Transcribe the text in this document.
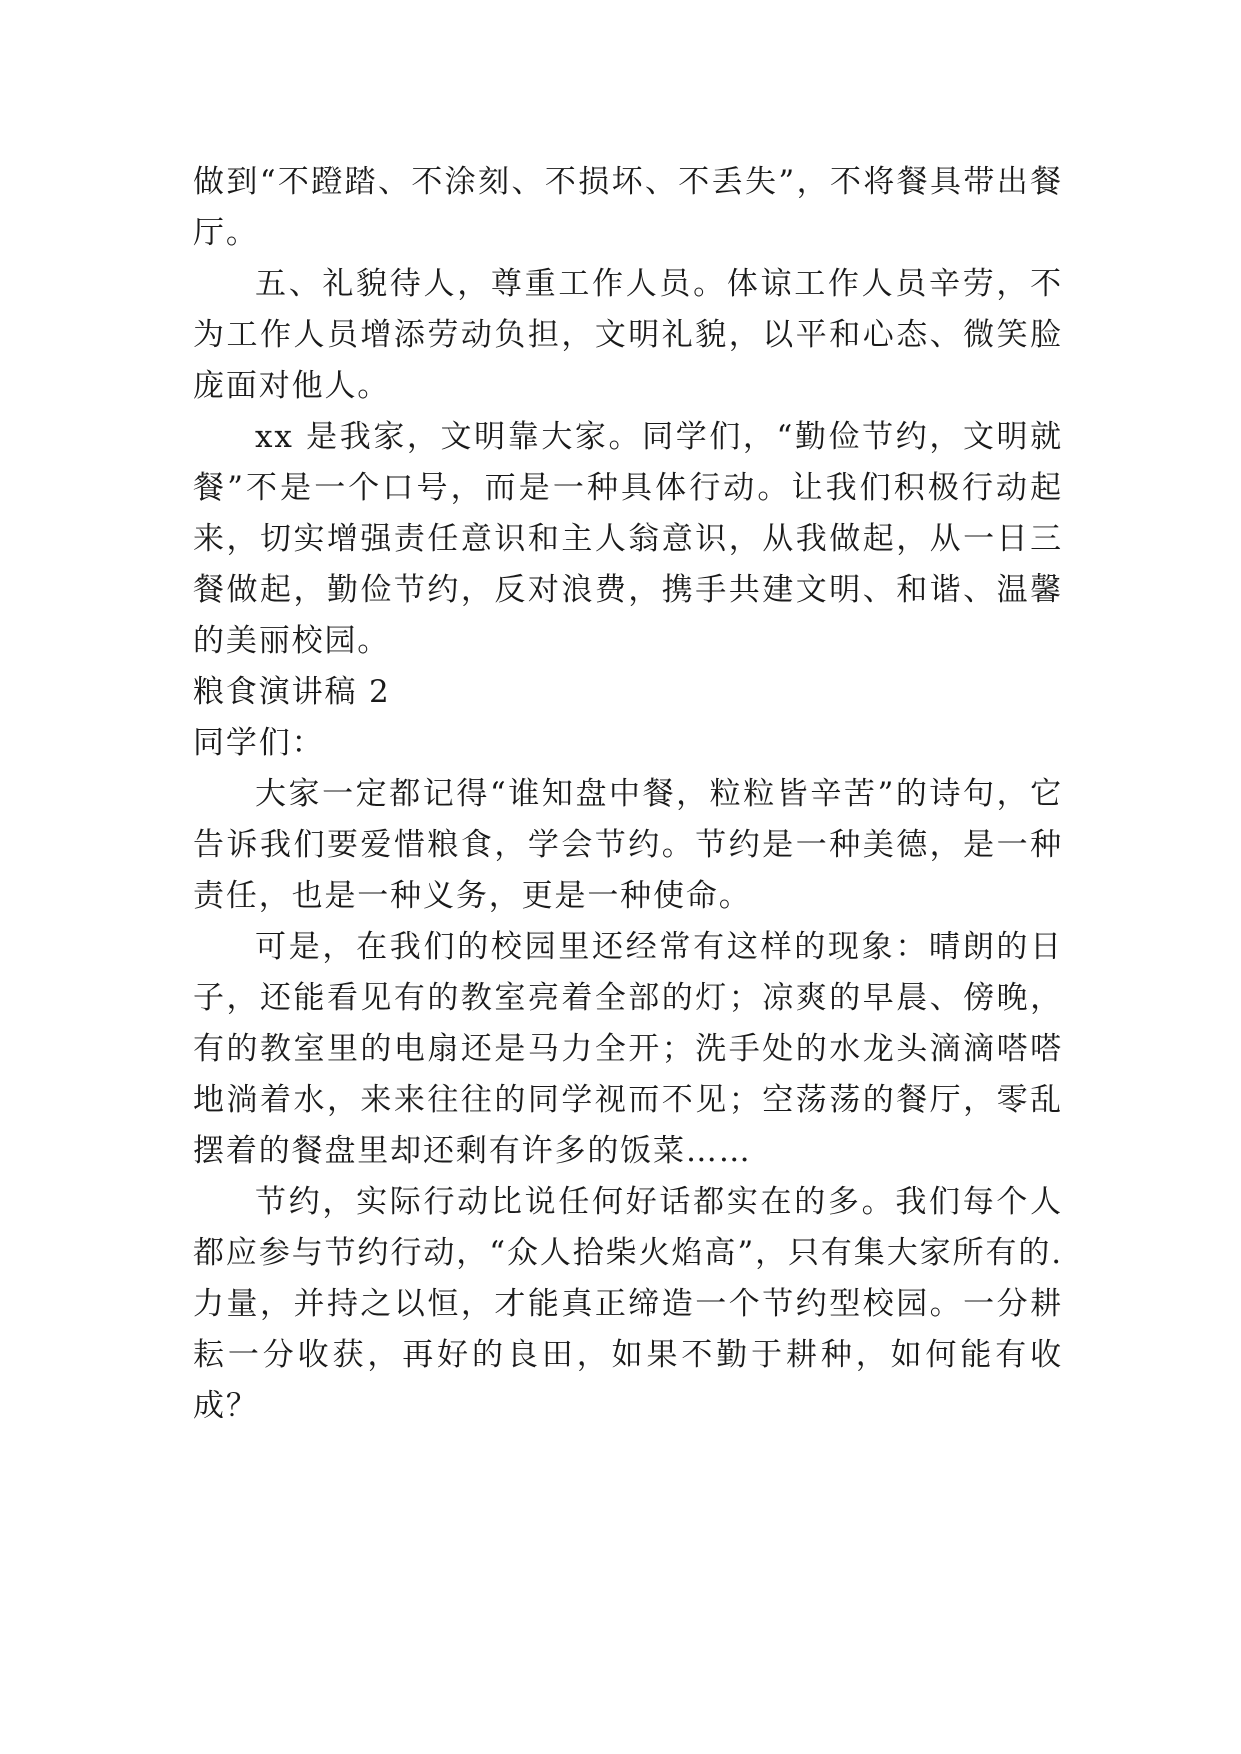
做到“不蹬踏、不涂刻、不损坏、不丢失”，不将餐具带出餐厅。

五、礼貌待人，尊重工作人员。体谅工作人员辛劳，不为工作人员增添劳动负担，文明礼貌，以平和心态、微笑脸庞面对他人。

xx 是我家，文明靠大家。同学们，“勤俭节约，文明就餐”不是一个口号，而是一种具体行动。让我们积极行动起来，切实增强责任意识和主人翁意识，从我做起，从一日三餐做起，勤俭节约，反对浪费，携手共建文明、和谐、温馨的美丽校园。

粮食演讲稿 2

同学们：

大家一定都记得“谁知盘中餐，粒粒皆辛苦”的诗句，它告诉我们要爱惜粮食，学会节约。节约是一种美德，是一种责任，也是一种义务，更是一种使命。

可是，在我们的校园里还经常有这样的现象：晴朗的日子，还能看见有的教室亮着全部的灯；凉爽的早晨、傍晚，有的教室里的电扇还是马力全开；洗手处的水龙头滴滴嗒嗒地淌着水，来来往往的同学视而不见；空荡荡的餐厅，零乱摆着的餐盘里却还剩有许多的饭菜……

节约，实际行动比说任何好话都实在的多。我们每个人都应参与节约行动，“众人拾柴火焰高”，只有集大家所有的.力量，并持之以恒，才能真正缔造一个节约型校园。一分耕耘一分收获，再好的良田，如果不勤于耕种，如何能有收成？
